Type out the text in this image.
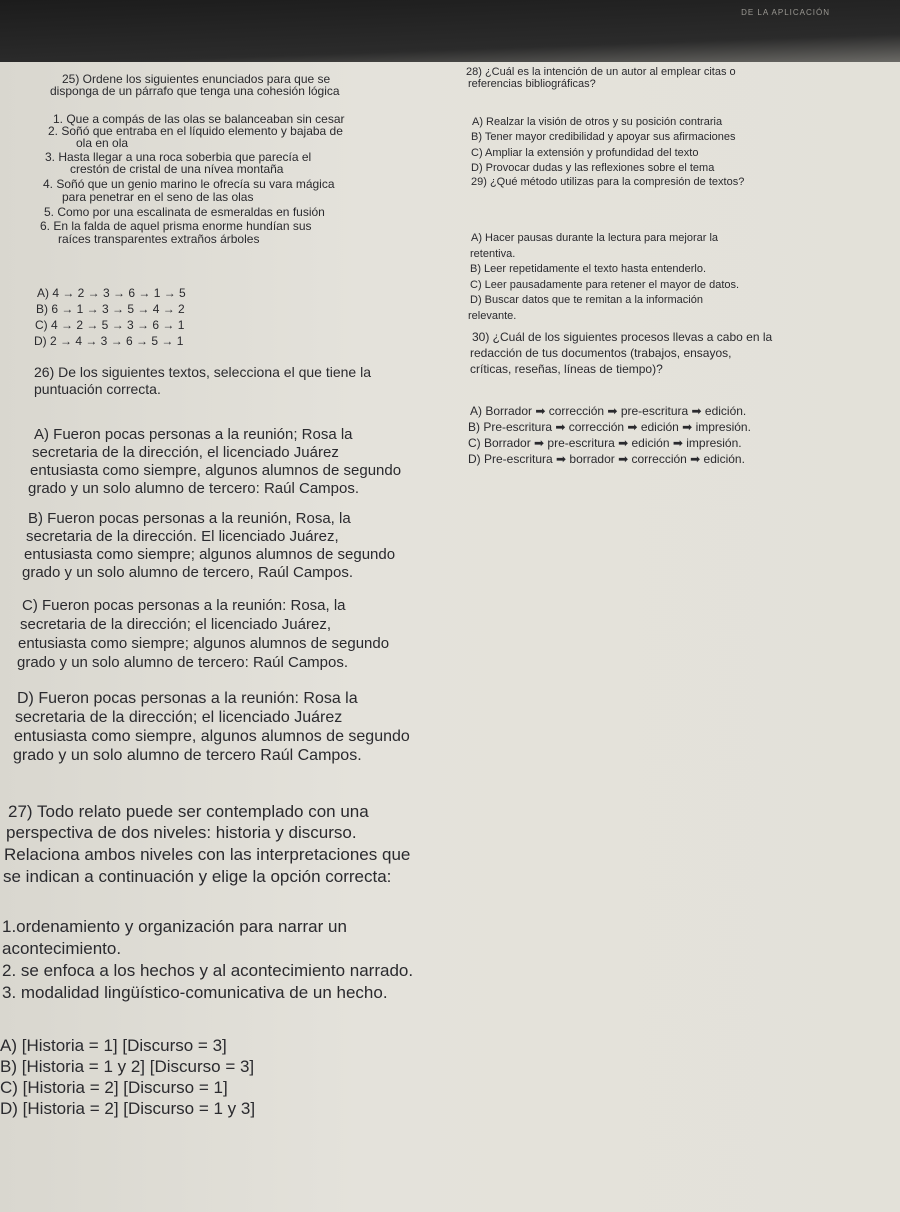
DE LA APLICACIÓN
25) Ordene los siguientes enunciados para que se
disponga de un párrafo que tenga una cohesión lógica
1. Que a compás de las olas se balanceaban sin cesar
2. Soñó que entraba en el líquido elemento y bajaba de
ola en ola
3. Hasta llegar a una roca soberbia que parecía el
crestón de cristal de una nívea montaña
4. Soñó que un genio marino le ofrecía su vara mágica
para penetrar en el seno de las olas
5. Como por una escalinata de esmeraldas en fusión
6. En la falda de aquel prisma enorme hundían sus
raíces transparentes extraños árboles
A) 4 → 2 → 3 → 6 → 1 → 5
B) 6 → 1 → 3 → 5 → 4 → 2
C) 4 → 2 → 5 → 3 → 6 → 1
D) 2 → 4 → 3 → 6 → 5 → 1
26) De los siguientes textos, selecciona el que tiene la
puntuación correcta.
A) Fueron pocas personas a la reunión; Rosa la
secretaria de la dirección, el licenciado Juárez
entusiasta como siempre, algunos alumnos de segundo
grado y un solo alumno de tercero: Raúl Campos.
B) Fueron pocas personas a la reunión, Rosa, la
secretaria de la dirección. El licenciado Juárez,
entusiasta como siempre; algunos alumnos de segundo
grado y un solo alumno de tercero, Raúl Campos.
C) Fueron pocas personas a la reunión: Rosa, la
secretaria de la dirección; el licenciado Juárez,
entusiasta como siempre; algunos alumnos de segundo
grado y un solo alumno de tercero: Raúl Campos.
D) Fueron pocas personas a la reunión: Rosa la
secretaria de la dirección; el licenciado Juárez
entusiasta como siempre, algunos alumnos de segundo
grado y un solo alumno de tercero Raúl Campos.
27) Todo relato puede ser contemplado con una
perspectiva de dos niveles: historia y discurso.
Relaciona ambos niveles con las interpretaciones que
se indican a continuación y elige la opción correcta:
1.ordenamiento y organización para narrar un
acontecimiento.
2. se enfoca a los hechos y al acontecimiento narrado.
3. modalidad lingüístico-comunicativa de un hecho.
A) [Historia = 1] [Discurso = 3]
B) [Historia = 1 y 2] [Discurso = 3]
C) [Historia = 2] [Discurso = 1]
D) [Historia = 2] [Discurso = 1 y 3]
28) ¿Cuál es la intención de un autor al emplear citas o
referencias bibliográficas?
A) Realzar la visión de otros y su posición contraria
B) Tener mayor credibilidad y apoyar sus afirmaciones
C) Ampliar la extensión y profundidad del texto
D) Provocar dudas y las reflexiones sobre el tema
29) ¿Qué método utilizas para la compresión de textos?
A) Hacer pausas durante la lectura para mejorar la
retentiva.
B) Leer repetidamente el texto hasta entenderlo.
C) Leer pausadamente para retener el mayor de datos.
D) Buscar datos que te remitan a la información
relevante.
30) ¿Cuál de los siguientes procesos llevas a cabo en la
redacción de tus documentos (trabajos, ensayos,
críticas, reseñas, líneas de tiempo)?
A) Borrador ➡ corrección ➡ pre-escritura ➡ edición.
B) Pre-escritura ➡ corrección ➡ edición ➡ impresión.
C) Borrador ➡ pre-escritura ➡ edición ➡ impresión.
D) Pre-escritura ➡ borrador ➡ corrección ➡ edición.
